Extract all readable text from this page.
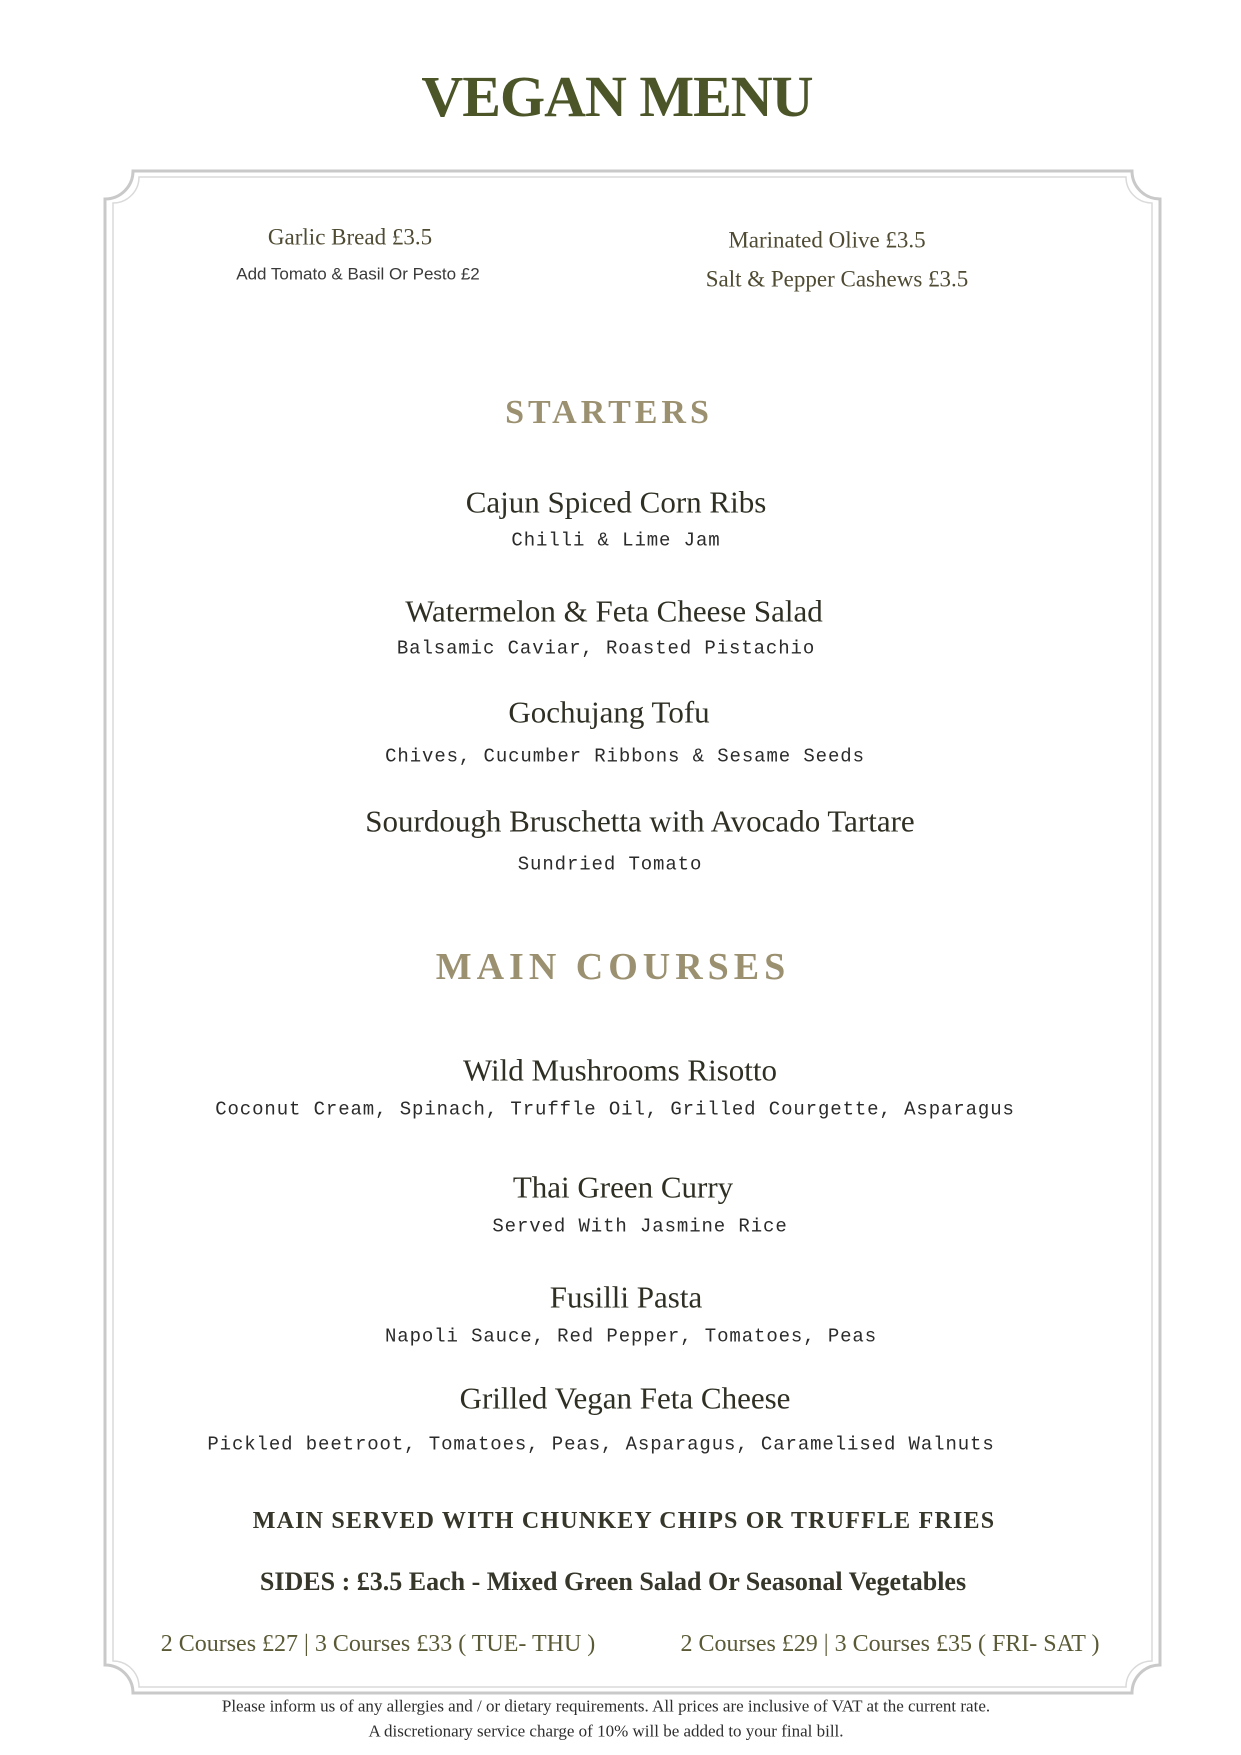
VEGAN MENU
Garlic Bread £3.5
Add Tomato & Basil Or Pesto £2
Marinated Olive £3.5
Salt & Pepper Cashews £3.5
STARTERS
Cajun Spiced Corn Ribs
Chilli & Lime Jam
Watermelon & Feta Cheese Salad
Balsamic Caviar, Roasted Pistachio
Gochujang Tofu
Chives, Cucumber Ribbons & Sesame Seeds
Sourdough Bruschetta with Avocado Tartare
Sundried Tomato
MAIN COURSES
Wild Mushrooms Risotto
Coconut Cream, Spinach, Truffle Oil, Grilled Courgette, Asparagus
Thai Green Curry
Served With Jasmine Rice
Fusilli Pasta
Napoli Sauce, Red Pepper, Tomatoes, Peas
Grilled Vegan Feta Cheese
Pickled beetroot, Tomatoes, Peas, Asparagus, Caramelised Walnuts
MAIN SERVED WITH CHUNKEY CHIPS OR TRUFFLE FRIES
SIDES : £3.5 Each - Mixed Green Salad Or Seasonal Vegetables
2 Courses £27 | 3 Courses £33 ( TUE- THU )	2 Courses £29 | 3 Courses £35 ( FRI- SAT )
Please inform us of any allergies and / or dietary requirements. All prices are inclusive of VAT at the current rate.
A discretionary service charge of 10% will be added to your final bill.
